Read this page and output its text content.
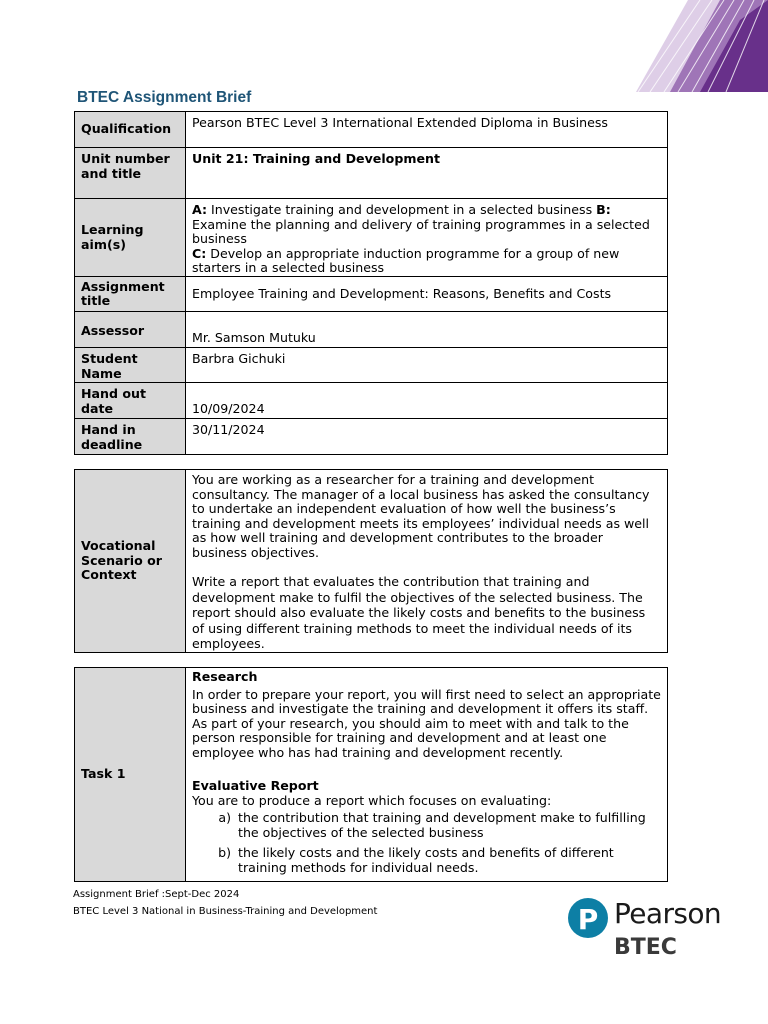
BTEC Assignment Brief
Qualification	Pearson BTEC Level 3 International Extended Diploma in Business

Unit number
and title	Unit 21: Training and Development

Learning
aim(s)	A: Investigate training and development in a selected business B: Examine the planning and delivery of training programmes in a selected business
C: Develop an appropriate induction programme for a group of new starters in a selected business

Assignment
title	Employee Training and Development: Reasons, Benefits and Costs

Assessor	Mr. Samson Mutuku

Student
Name	Barbra Gichuki

Hand out
date	10/09/2024

Hand in
deadline	30/11/2024
Vocational
Scenario or
Context

You are working as a researcher for a training and development consultancy. The manager of a local business has asked the consultancy to undertake an independent evaluation of how well the business’s training and development meets its employees’ individual needs as well as how well training and development contributes to the broader business objectives.

Write a report that evaluates the contribution that training and development make to fulfil the objectives of the selected business. The report should also evaluate the likely costs and benefits to the business of using different training methods to meet the individual needs of its employees.

Task 1

Research

In order to prepare your report, you will first need to select an appropriate business and investigate the training and development it offers its staff. As part of your research, you should aim to meet with and talk to the person responsible for training and development and at least one employee who has had training and development recently.

Evaluative Report

You are to produce a report which focuses on evaluating:

a) the contribution that training and development make to fulfilling the objectives of the selected business
b) the likely costs and the likely costs and benefits of different training methods for individual needs.

Assignment Brief :Sept-Dec 2024

BTEC Level 3 National in Business-Training and Development	P Pearson

BTEC
